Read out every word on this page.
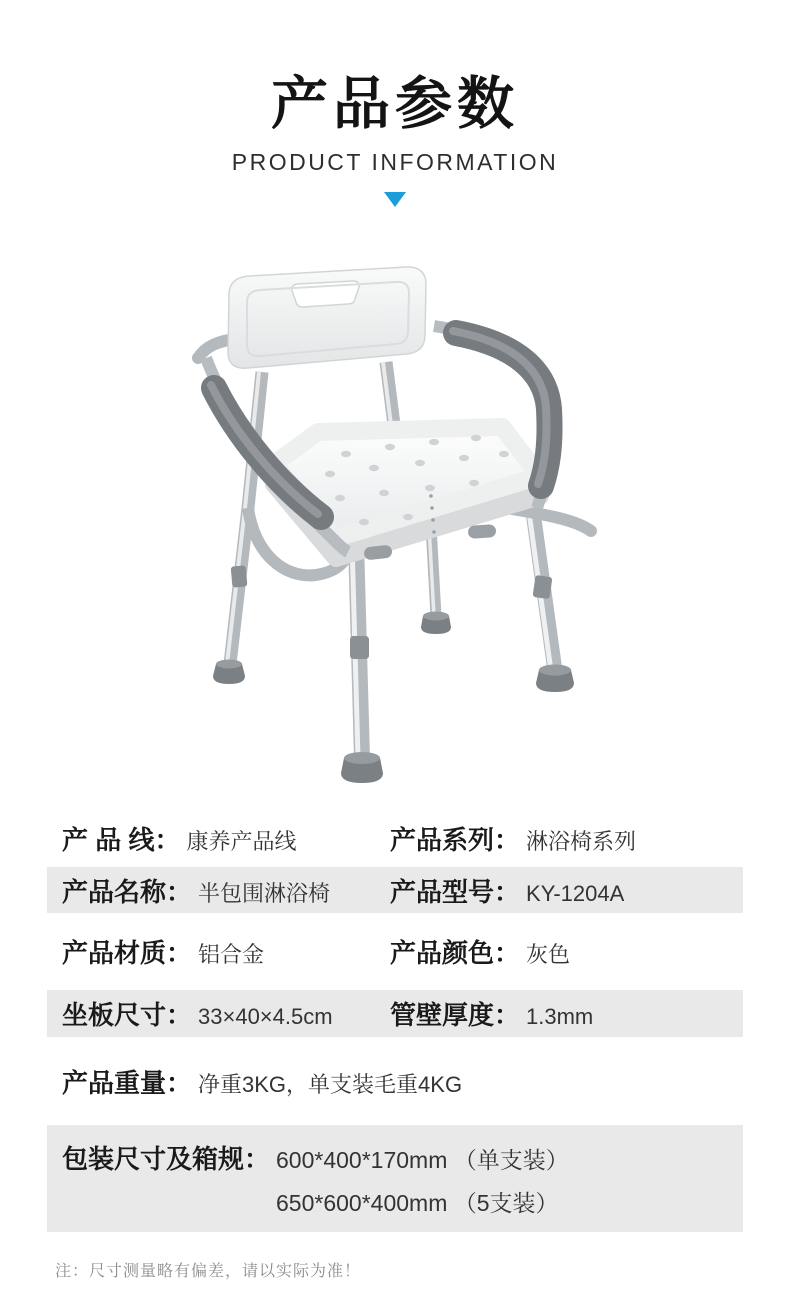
产品参数
PRODUCT INFORMATION
产 品 线： 康养产品线	产品系列： 淋浴椅系列
产品名称： 半包围淋浴椅 产品型号： KY-1204A
产品材质： 铝合金	产品颜色： 灰色
坐板尺寸： 33×40×4.5cm 管壁厚度： 1.3mm
产品重量： 净重3KG，单支装毛重4KG
包装尺寸及箱规： 600*400*170mm （单支装）
650*600*400mm （5支装）
注：尺寸测量略有偏差，请以实际为准！
